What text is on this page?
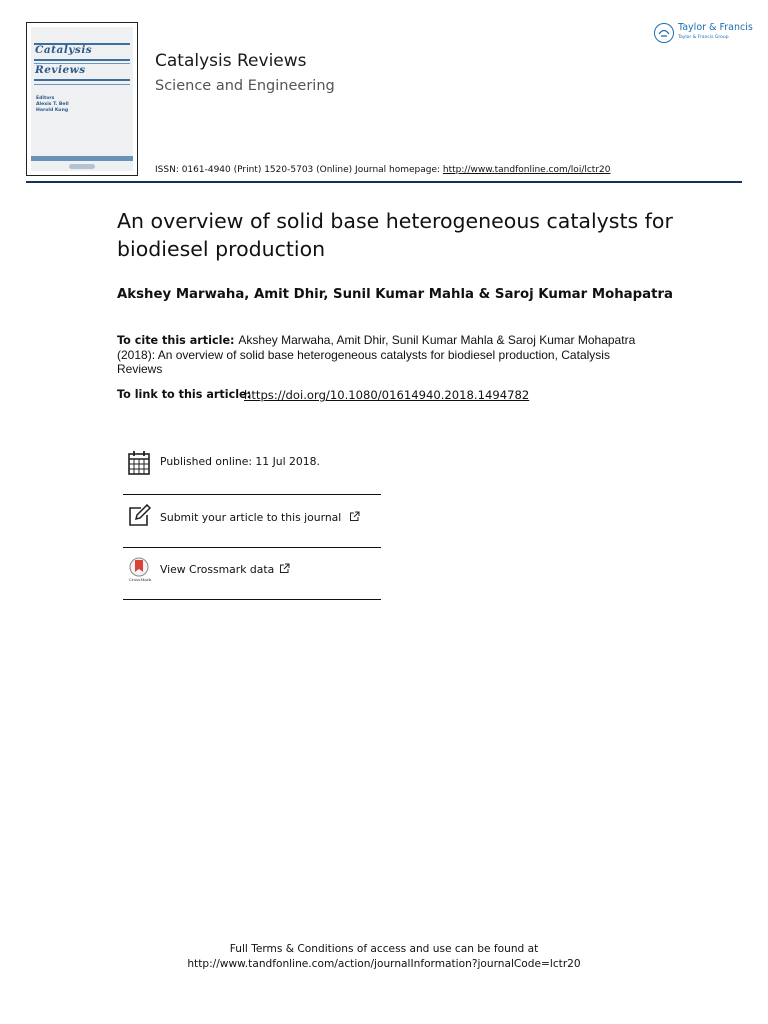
Catalysis
Reviews
Editors
Alexis T. Bell
Harold Kung
Catalysis Reviews
Science and Engineering
ISSN: 0161-4940 (Print) 1520-5703 (Online) Journal homepage: http://www.tandfonline.com/loi/lctr20
Taylor & Francis
Taylor & Francis Group
An overview of solid base heterogeneous catalysts for biodiesel production
Akshey Marwaha, Amit Dhir, Sunil Kumar Mahla & Saroj Kumar Mohapatra
To cite this article: Akshey Marwaha, Amit Dhir, Sunil Kumar Mahla & Saroj Kumar Mohapatra (2018): An overview of solid base heterogeneous catalysts for biodiesel production, Catalysis Reviews
To link to this article:
https://doi.org/10.1080/01614940.2018.1494782
Published online: 11 Jul 2018.
Submit your article to this journal
CrossMark
View Crossmark data
Full Terms & Conditions of access and use can be found at
http://www.tandfonline.com/action/journalInformation?journalCode=lctr20
